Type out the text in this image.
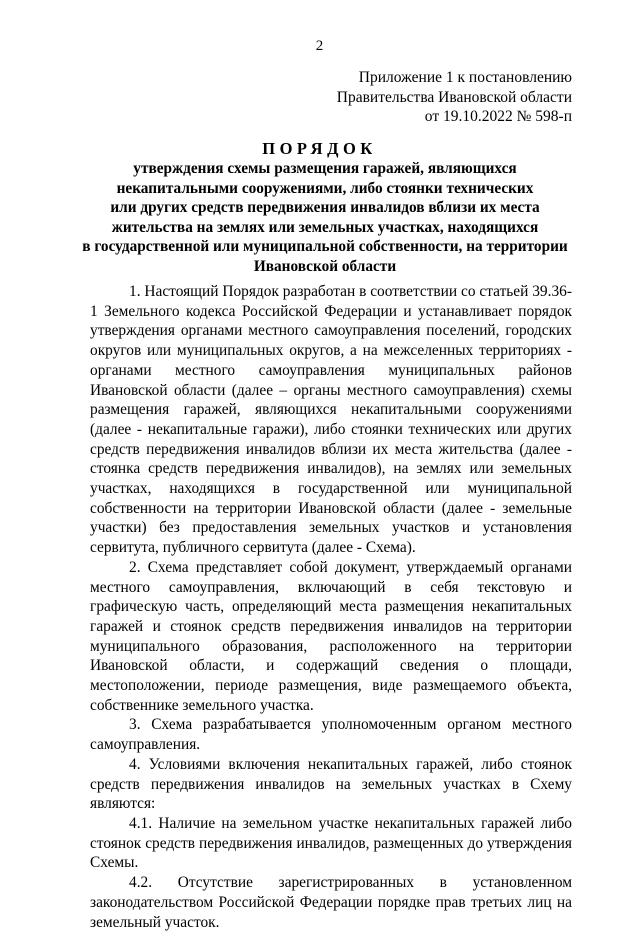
2
Приложение 1 к постановлению
Правительства Ивановской области
от 19.10.2022 № 598-п
ПОРЯДОК
утверждения схемы размещения гаражей, являющихся
некапитальными сооружениями, либо стоянки технических
или других средств передвижения инвалидов вблизи их места
жительства на землях или земельных участках, находящихся
в государственной или муниципальной собственности, на территории
Ивановской области

1. Настоящий Порядок разработан в соответствии со статьей 39.36-1 Земельного кодекса Российской Федерации и устанавливает порядок утверждения органами местного самоуправления поселений, городских округов или муниципальных округов, а на межселенных территориях - органами местного самоуправления муниципальных районов Ивановской области (далее – органы местного самоуправления) схемы размещения гаражей, являющихся некапитальными сооружениями (далее - некапитальные гаражи), либо стоянки технических или других средств передвижения инвалидов вблизи их места жительства (далее - стоянка средств передвижения инвалидов), на землях или земельных участках, находящихся в государственной или муниципальной собственности на территории Ивановской области (далее - земельные участки) без предоставления земельных участков и установления сервитута, публичного сервитута (далее - Схема).

2. Схема представляет собой документ, утверждаемый органами местного самоуправления, включающий в себя текстовую и графическую часть, определяющий места размещения некапитальных гаражей и стоянок средств передвижения инвалидов на территории муниципального образования, расположенного на территории Ивановской области, и содержащий сведения о площади, местоположении, периоде размещения, виде размещаемого объекта, собственнике земельного участка.

3. Схема разрабатывается уполномоченным органом местного самоуправления.

4. Условиями включения некапитальных гаражей, либо стоянок средств передвижения инвалидов на земельных участках в Схему являются:

4.1. Наличие на земельном участке некапитальных гаражей либо стоянок средств передвижения инвалидов, размещенных до утверждения Схемы.

4.2. Отсутствие зарегистрированных в установленном законодательством Российской Федерации порядке прав третьих лиц на земельный участок.
